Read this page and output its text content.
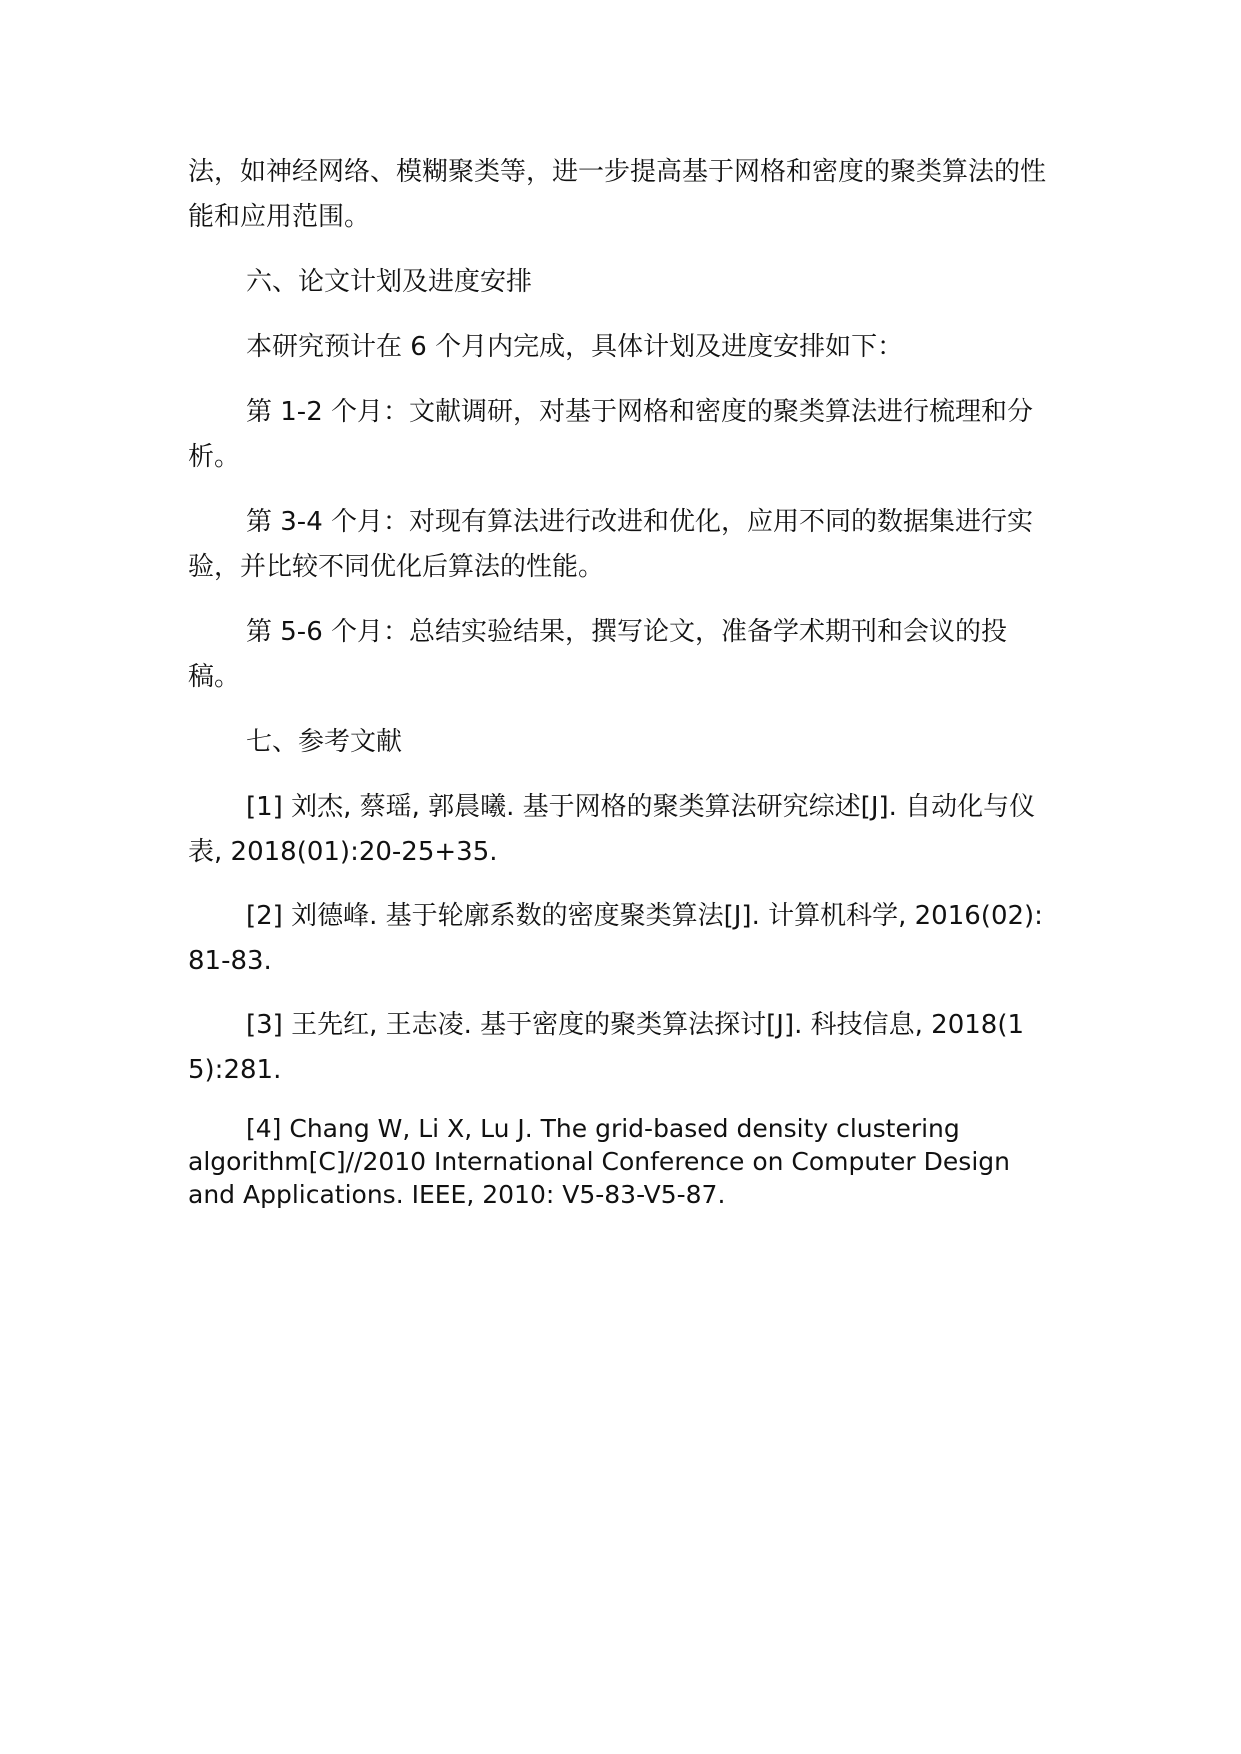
法，如神经网络、模糊聚类等，进一步提高基于网格和密度的聚类算法的性能和应用范围。

六、论文计划及进度安排

本研究预计在 6 个月内完成，具体计划及进度安排如下：

第 1-2 个月：文献调研，对基于网格和密度的聚类算法进行梳理和分析。

第 3-4 个月：对现有算法进行改进和优化，应用不同的数据集进行实验，并比较不同优化后算法的性能。

第 5-6 个月：总结实验结果，撰写论文，准备学术期刊和会议的投稿。

七、参考文献

[1] 刘杰, 蔡瑶, 郭晨曦. 基于网格的聚类算法研究综述[J]. 自动化与仪表, 2018(01):20-25+35.

[2] 刘德峰. 基于轮廓系数的密度聚类算法[J]. 计算机科学, 2016(02):81-83.

[3] 王先红, 王志凌. 基于密度的聚类算法探讨[J]. 科技信息, 2018(15):281.

[4] Chang W, Li X, Lu J. The grid-based density clustering algorithm[C]//2010 International Conference on Computer Design and Applications. IEEE, 2010: V5-83-V5-87.
